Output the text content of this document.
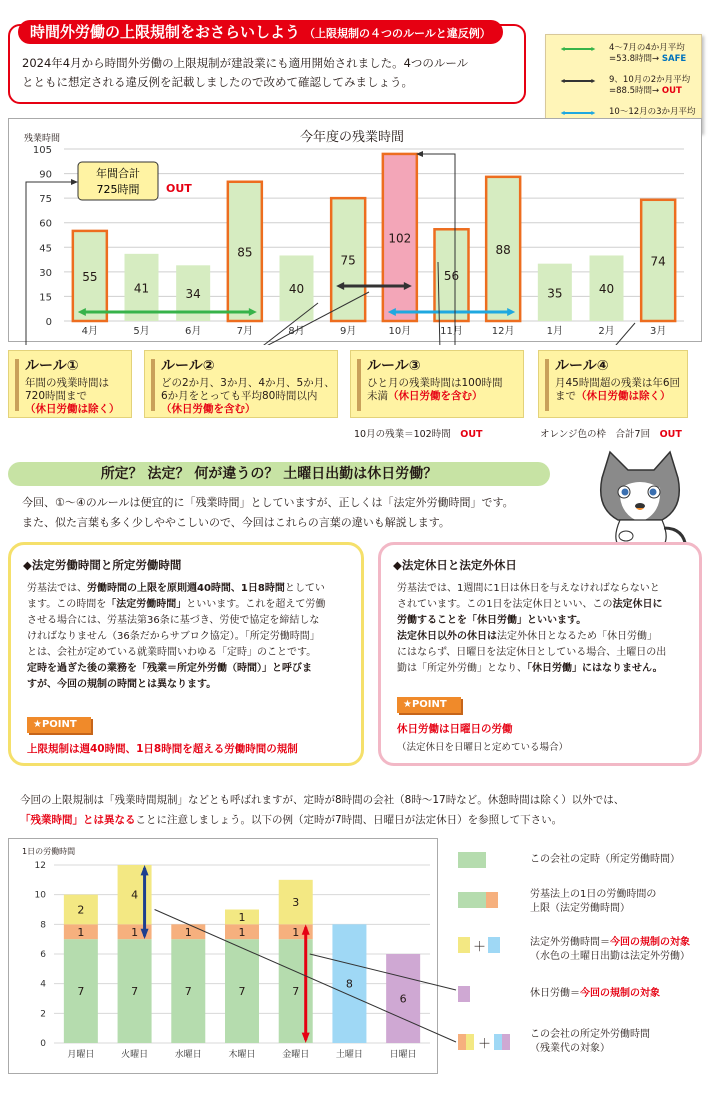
時間外労働の上限規制をおさらいしよう （上限規制の４つのルールと違反例）
2024年4月から時間外労働の上限規制が建設業にも適用開始されました。4つのルール
とともに想定される違反例を記載しましたので改めて確認してみましょう。
4～7月の4か月平均
=53.8時間→ SAFE
9、10月の2か月平均
=88.5時間→ OUT
10～12月の3か月平均
今年度の残業時間
残業時間
0
15
30
45
60
75
90
105
55
4月
41
5月
34
6月
85
7月
40
8月
75
9月
102
10月
56
11月
88
12月
35
1月
40
2月
74
3月
年間合計
725時間 OUT
ルール①
年間の残業時間は
720時間まで
（休日労働は除く）
ルール②
どの2か月、3か月、4か月、5か月、
6か月をとっても平均80時間以内
（休日労働を含む）
ルール③
ひと月の残業時間は100時間
未満（休日労働を含む）
ルール④
月45時間超の残業は年6回
まで（休日労働は除く）
10月の残業＝102時間　 OUT	オレンジ色の枠　合計7回　 OUT
所定？ 法定？ 何が違うの？ 土曜日出勤は休日労働？
今回、①～④のルールは便宜的に「残業時間」としていますが、正しくは「法定外労働時間」です。
また、似た言葉も多く少しややこしいので、今回はこれらの言葉の違いも解説します。
◆法定労働時間と所定労働時間
労基法では、労働時間の上限を原則週40時間、1日8時間としてい
ます。この時間を「法定労働時間」といいます。これを超えて労働
させる場合には、労基法第36条に基づき、労使で協定を締結しな
ければなりません（36条だからサブロク協定）。「所定労働時間」
とは、会社が定めている就業時間いわゆる「定時」のことです。
定時を過ぎた後の業務を「残業＝所定外労働（時間）」と呼びま
すが、今回の規制の時間とは異なります。
★POINT
上限規制は週40時間、1日8時間を超える労働時間の規制
◆法定休日と法定外休日
労基法では、1週間に1日は休日を与えなければならないと
されています。この1日を法定休日といい、この法定休日に
労働することを「休日労働」といいます。
法定休日以外の休日は法定外休日となるため「休日労働」
にはならず、日曜日を法定休日としている場合、土曜日の出
勤は「所定外労働」となり、「休日労働」にはなりません。
★POINT
休日労働は日曜日の労働
（法定休日を日曜日と定めている場合）
今回の上限規制は「残業時間規制」などとも呼ばれますが、定時が8時間の会社（8時～17時など。休憩時間は除く）以外では、
「残業時間」とは異なることに注意しましょう。以下の例（定時が7時間、日曜日が法定休日）を参照して下さい。
1日の労働時間
0
2
4
6
8
10
12
7
1
2
月曜日
7
1
4
火曜日
7
1
水曜日
7
1
1
木曜日
7
1
3
金曜日
8
土曜日
6
日曜日
この会社の定時（所定労働時間）
労基法上の1日の労働時間の
上限（法定労働時間）
＋	法定外労働時間＝今回の規制の対象
（水色の土曜日出勤は法定外労働）
休日労働＝今回の規制の対象
＋
この会社の所定外労働時間
（残業代の対象）
